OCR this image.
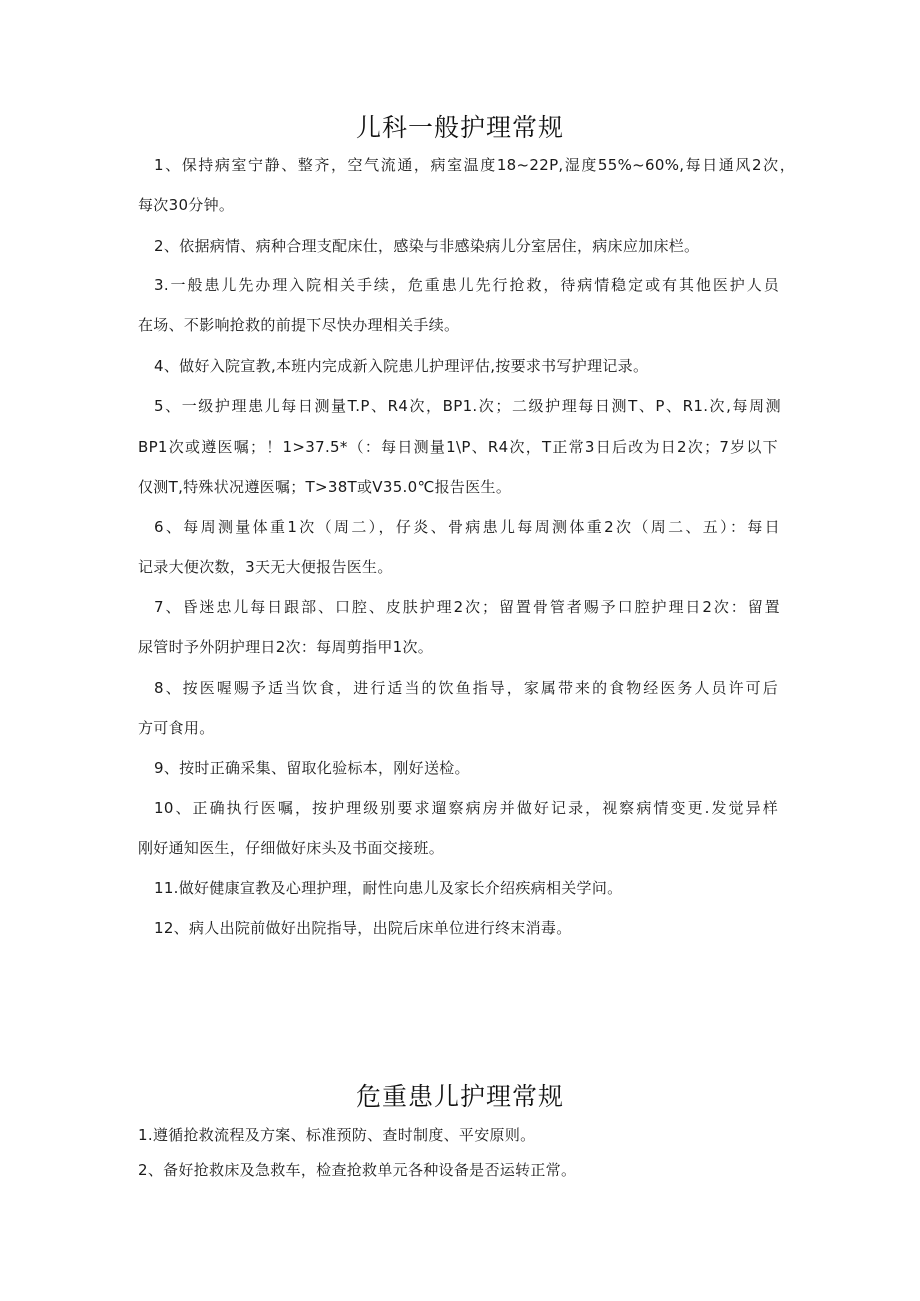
儿科一般护理常规
1、保持病室宁静、整齐，空气流通，病室温度18~22P,湿度55%~60%,每日通风2次，
每次30分钟。
2、依据病情、病种合理支配床仕，感染与非感染病儿分室居住，病床应加床栏。
3.一般患儿先办理入院相关手续，危重患儿先行抢救，待病情稳定或有其他医护人员
在场、不影响抢救的前提下尽快办理相关手续。
4、做好入院宣教,本班内完成新入院患儿护理评估,按要求书写护理记录。
5、一级护理患儿每日测量T.P、R4次，BP1.次；二级护理每日测T、P、R1.次,每周测
BP1次或遵医嘱；！1>37.5*（：每日测量1\P、R4次，T正常3日后改为日2次；7岁以下
仅测T,特殊状况遵医嘱；T>38T或V35.0℃报告医生。
6、每周测量体重1次（周二），仔炎、骨病患儿每周测体重2次（周二、五）：每日
记录大便次数，3天无大便报告医生。
7、昏迷忠儿每日跟部、口腔、皮肤护理2次；留置骨管者赐予口腔护理日2次：留置
尿管时予外阴护理日2次：每周剪指甲1次。
8、按医喔赐予适当饮食，进行适当的饮鱼指导，家属带来的食物经医务人员许可后
方可食用。
9、按时正确采集、留取化验标本，刚好送检。
10、正确执行医嘱，按护理级别要求遛察病房并做好记录，视察病情变更.发觉异样
刚好通知医生，仔细做好床头及书面交接班。
11.做好健康宣教及心理护理，耐性向患儿及家长介绍疾病相关学问。
12、病人出院前做好出院指导，出院后床单位进行终末消毒。
危重患儿护理常规
1.遵循抢救流程及方案、标准预防、查时制度、平安原则。
2、备好抢救床及急救车，检查抢救单元各种设备是否运转正常。
